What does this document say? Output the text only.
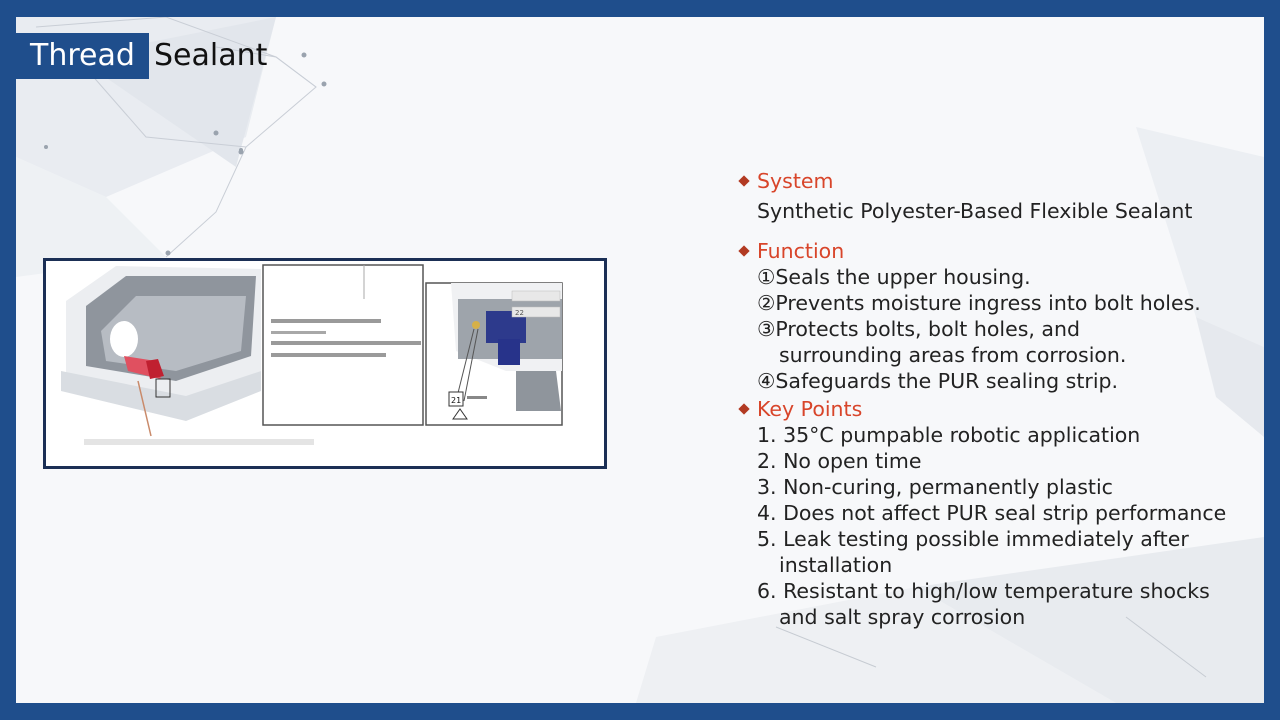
Thread Sealant
22
21
System
Synthetic Polyester-Based Flexible Sealant
Function
①Seals the upper housing.
②Prevents moisture ingress into bolt holes.
③Protects bolts, bolt holes, and
surrounding areas from corrosion.
④Safeguards the PUR sealing strip.
Key Points
1. 35°C pumpable robotic application
2. No open time
3. Non-curing, permanently plastic
4. Does not affect PUR seal strip performance
5. Leak testing possible immediately after
installation
6. Resistant to high/low temperature shocks
and salt spray corrosion
